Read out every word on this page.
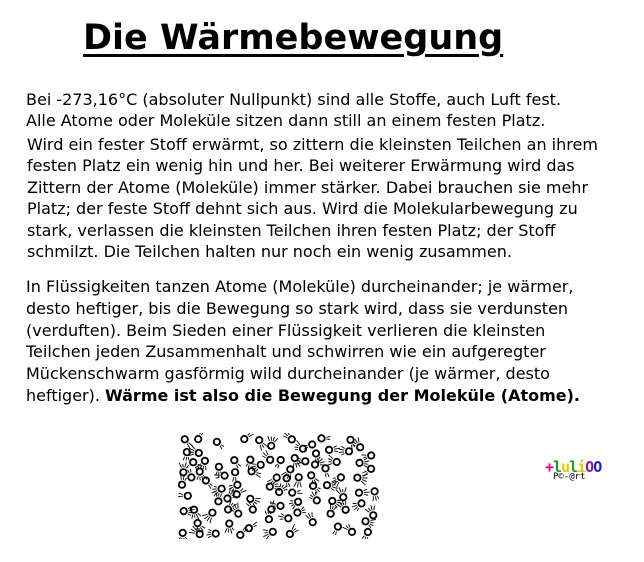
Die Wärmebewegung
Bei -273,16°C (absoluter Nullpunkt) sind alle Stoffe, auch Luft fest.
Alle Atome oder Moleküle sitzen dann still an einem festen Platz.
Wird ein fester Stoff erwärmt, so zittern die kleinsten Teilchen an ihrem
festen Platz ein wenig hin und her. Bei weiterer Erwärmung wird das
Zittern der Atome (Moleküle) immer stärker. Dabei brauchen sie mehr
Platz; der feste Stoff dehnt sich aus. Wird die Molekularbewegung zu
stark, verlassen die kleinsten Teilchen ihren festen Platz; der Stoff
schmilzt. Die Teilchen halten nur noch ein wenig zusammen.
In Flüssigkeiten tanzen Atome (Moleküle) durcheinander; je wärmer,
desto heftiger, bis die Bewegung so stark wird, dass sie verdunsten
(verduften). Beim Sieden einer Flüssigkeit verlieren die kleinsten
Teilchen jeden Zusammenhalt und schwirren wie ein aufgeregter
Mückenschwarm gasförmig wild durcheinander (je wärmer, desto
heftiger). Wärme ist also die Bewegung der Moleküle (Atome).
+luliOO
P©-@rt
